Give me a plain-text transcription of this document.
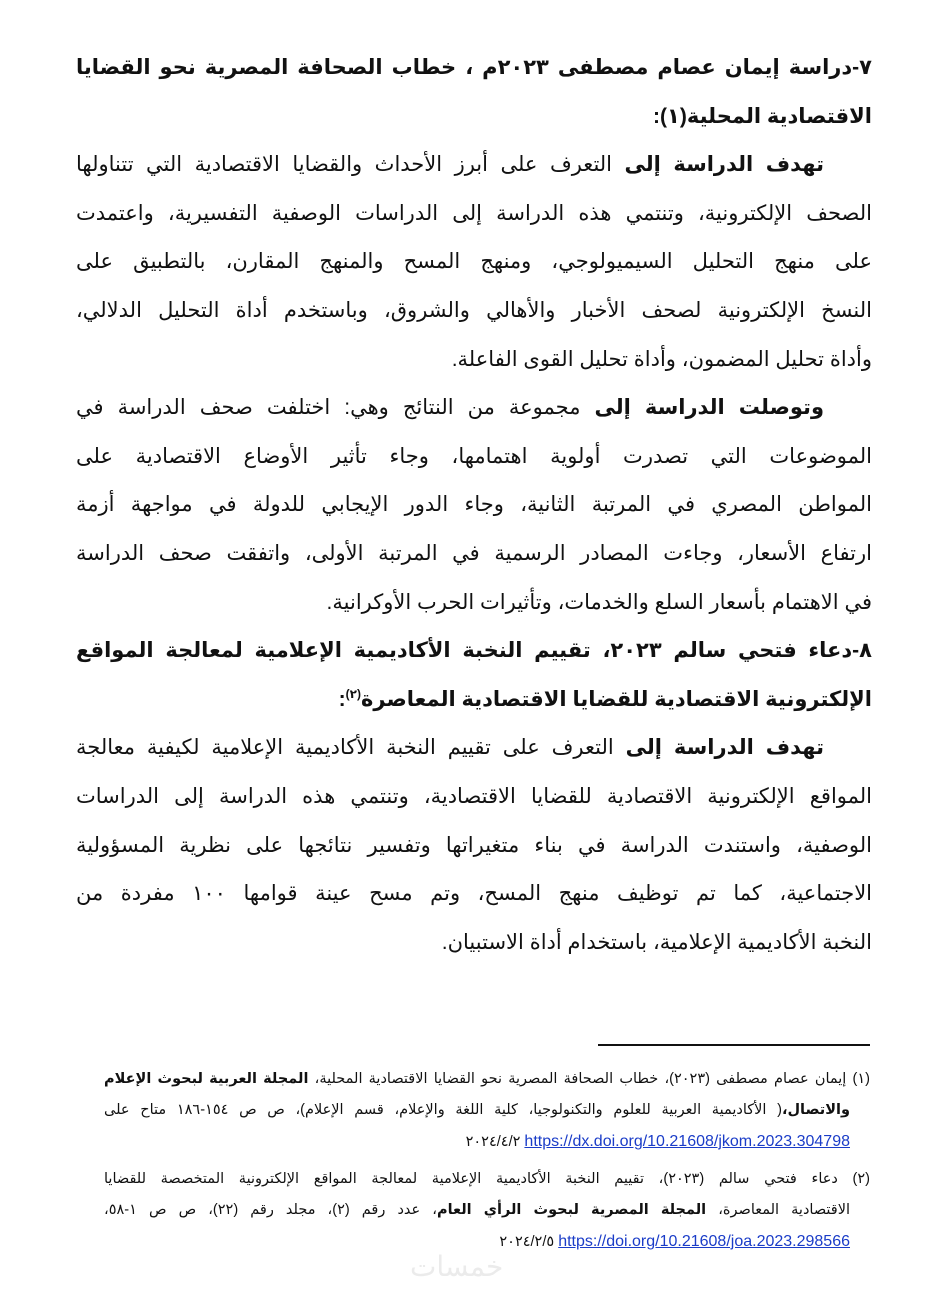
٧-دراسة إيمان عصام مصطفى ٢٠٢٣م ، خطاب الصحافة المصرية نحو القضايا
الاقتصادية المحلية(١):
تهدف الدراسة إلى التعرف على أبرز الأحداث والقضايا الاقتصادية التي تتناولها
الصحف الإلكترونية، وتنتمي هذه الدراسة إلى الدراسات الوصفية التفسيرية، واعتمدت
على منهج التحليل السيميولوجي، ومنهج المسح والمنهج المقارن، بالتطبيق على
النسخ الإلكترونية لصحف الأخبار والأهالي والشروق، وباستخدم أداة التحليل الدلالي،
وأداة تحليل المضمون، وأداة تحليل القوى الفاعلة.
وتوصلت الدراسة إلى مجموعة من النتائج وهي: اختلفت صحف الدراسة في
الموضوعات التي تصدرت أولوية اهتمامها، وجاء تأثير الأوضاع الاقتصادية على
المواطن المصري في المرتبة الثانية، وجاء الدور الإيجابي للدولة في مواجهة أزمة
ارتفاع الأسعار، وجاءت المصادر الرسمية في المرتبة الأولى، واتفقت صحف الدراسة
في الاهتمام بأسعار السلع والخدمات، وتأثيرات الحرب الأوكرانية.
٨-دعاء فتحي سالم ٢٠٢٣، تقييم النخبة الأكاديمية الإعلامية لمعالجة المواقع
الإلكترونية الاقتصادية للقضايا الاقتصادية المعاصرة$^{(٢)}$:
تهدف الدراسة إلى التعرف على تقييم النخبة الأكاديمية الإعلامية لكيفية معالجة
المواقع الإلكترونية الاقتصادية للقضايا الاقتصادية، وتنتمي هذه الدراسة إلى الدراسات
الوصفية، واستندت الدراسة في بناء متغيراتها وتفسير نتائجها على نظرية المسؤولية
الاجتماعية، كما تم توظيف منهج المسح، وتم مسح عينة قوامها ١٠٠ مفردة من
النخبة الأكاديمية الإعلامية، باستخدام أداة الاستبيان.
(١) إيمان عصام مصطفى (٢٠٢٣)، خطاب الصحافة المصرية نحو القضايا الاقتصادية المحلية، المجلة العربية لبحوث الإعلام
والاتصال،( الأكاديمية العربية للعلوم والتكنولوجيا، كلية اللغة والإعلام، قسم الإعلام)، ص ص ١٥٤-١٨٦ متاح على
https://dx.doi.org/10.21608/jkom.2023.304798 ٢٠٢٤/٤/٢
(٢) دعاء فتحي سالم (٢٠٢٣)، تقييم النخبة الأكاديمية الإعلامية لمعالجة المواقع الإلكترونية المتخصصة للقضايا
الاقتصادية المعاصرة، المجلة المصرية لبحوث الرأي العام، عدد رقم (٢)، مجلد رقم (٢٢)، ص ص ١-٥٨،
https://doi.org/10.21608/joa.2023.298566 ٢٠٢٤/٢/٥
خمسات
